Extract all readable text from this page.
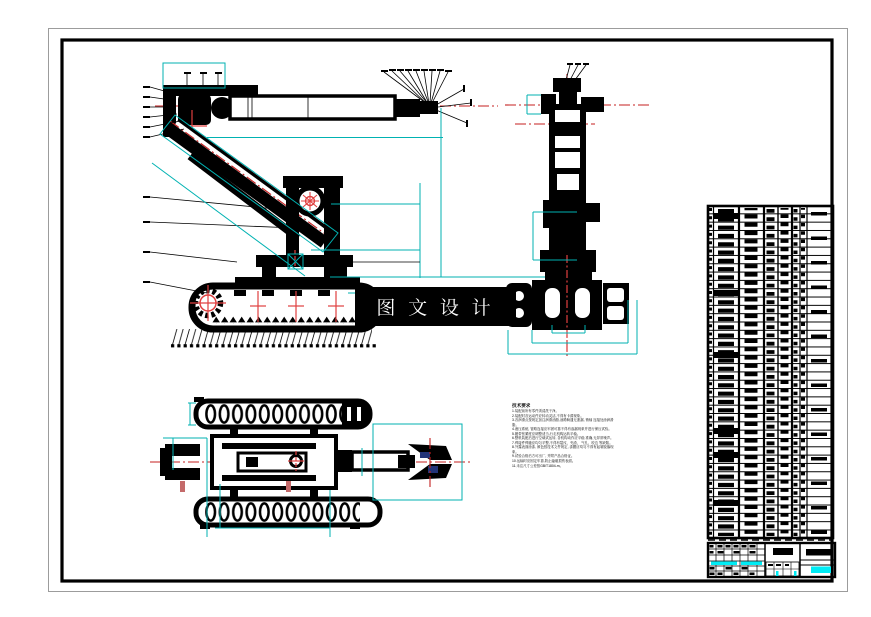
图 文 设 计
技术要求
1.装配前所有零件须清洗干净。
2.装配时各运动件应转动灵活,不得有卡滞现象。
3.各润滑点按规定加注润滑油脂,油路畅通无泄漏, 销轴 连接处涂润滑脂。
4.液压系统, 管路连接应牢固可靠不得有渗漏现象并进行保压试验。
5.履带张紧度应调整适当,行走机构运转平稳。
6.整机装配后进行空载试运转, 各机构动作应平稳 准确,无异常噪声。
7.焊接件焊缝应均匀平整,不得有裂纹、夹渣、 气孔、咬边 等缺陷。
8.外露表面涂漆, 颜色按技术文件规定, 漆膜应均匀不得有起皱脱落现象。
9.试验合格后方可出厂, 并附产品合格证。
10.运输时应固定牢靠,防止磕碰损伤表面。
11.未注尺寸公差按GB/T1804-m。
